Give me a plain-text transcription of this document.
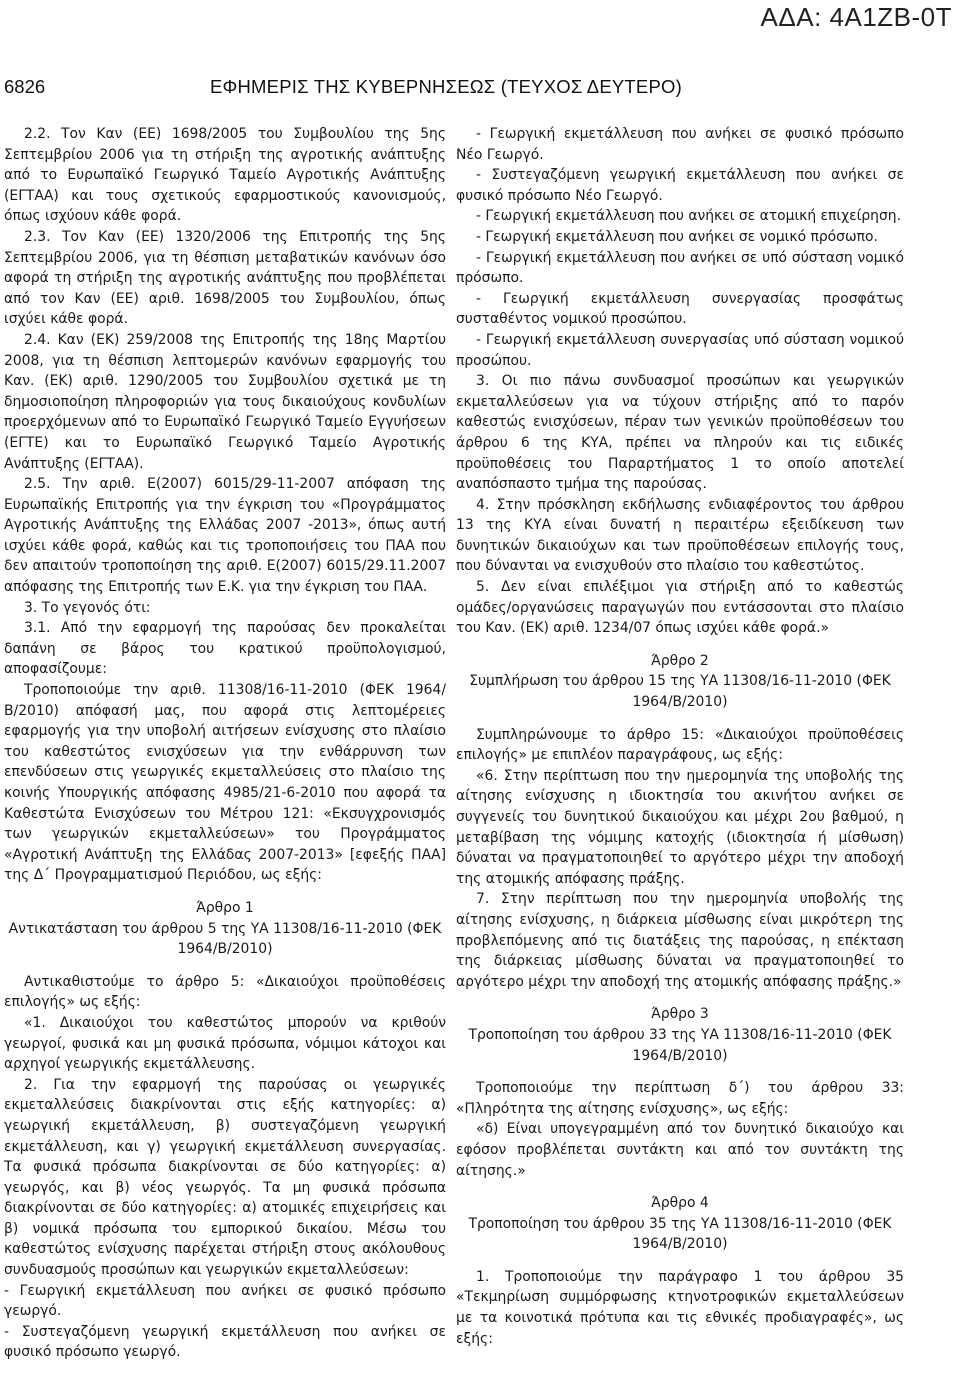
ΑΔΑ: 4Α1ΖΒ-0Τ
6826	ΕΦΗΜΕΡΙΣ ΤΗΣ ΚΥΒΕΡΝΗΣΕΩΣ (ΤΕΥΧΟΣ ΔΕΥΤΕΡΟ)

2.2. Τον Καν (ΕΕ) 1698/2005 του Συμβουλίου της 5ης Σεπτεμβρίου 2006 για τη στήριξη της αγροτικής ανάπτυξης από το Ευρωπαϊκό Γεωργικό Ταμείο Αγροτικής Ανάπτυξης (ΕΓΤΑΑ) και τους σχετικούς εφαρμοστικούς κανονισμούς, όπως ισχύουν κάθε φορά.

2.3. Τον Καν (ΕΕ) 1320/2006 της Επιτροπής της 5ης Σεπτεμβρίου 2006, για τη θέσπιση μεταβατικών κανόνων όσο αφορά τη στήριξη της αγροτικής ανάπτυξης που προβλέπεται από τον Καν (ΕΕ) αριθ. 1698/2005 του Συμβουλίου, όπως ισχύει κάθε φορά.

2.4. Καν (ΕΚ) 259/2008 της Επιτροπής της 18ης Μαρτίου 2008, για τη θέσπιση λεπτομερών κανόνων εφαρμογής του Καν. (ΕΚ) αριθ. 1290/2005 του Συμβουλίου σχετικά με τη δημοσιοποίηση πληροφοριών για τους δικαιούχους κονδυλίων προερχόμενων από το Ευρωπαϊκό Γεωργικό Ταμείο Εγγυήσεων (ΕΓΤΕ) και το Ευρωπαϊκό Γεωργικό Ταμείο Αγροτικής Ανάπτυξης (ΕΓΤΑΑ).

2.5. Την αριθ. Ε(2007) 6015/29-11-2007 απόφαση της Ευρωπαϊκής Επιτροπής για την έγκριση του «Προγράμματος Αγροτικής Ανάπτυξης της Ελλάδας 2007 -2013», όπως αυτή ισχύει κάθε φορά, καθώς και τις τροποποιήσεις του ΠΑΑ που δεν απαιτούν τροποποίηση της αριθ. Ε(2007) 6015/29.11.2007 απόφασης της Επιτροπής των Ε.Κ. για την έγκριση του ΠΑΑ.

3. Το γεγονός ότι:

3.1. Από την εφαρμογή της παρούσας δεν προκαλείται δαπάνη σε βάρος του κρατικού προϋπολογισμού, αποφασίζουμε:

Τροποποιούμε την αριθ. 11308/16-11-2010 (ΦΕΚ 1964/Β/2010) απόφασή μας, που αφορά στις λεπτομέρειες εφαρμογής για την υποβολή αιτήσεων ενίσχυσης στο πλαίσιο του καθεστώτος ενισχύσεων για την ενθάρρυνση των επενδύσεων στις γεωργικές εκμεταλλεύσεις στο πλαίσιο της κοινής Υπουργικής απόφασης 4985/21-6-2010 που αφορά τα Καθεστώτα Ενισχύσεων του Μέτρου 121: «Εκσυγχρονισμός των γεωργικών εκμεταλλεύσεων» του Προγράμματος «Αγροτική Ανάπτυξη της Ελλάδας 2007-2013» [εφεξής ΠΑΑ] της Δ΄ Προγραμματισμού Περιόδου, ως εξής:

Άρθρο 1

Αντικατάσταση του άρθρου 5 της ΥΑ 11308/16-11-2010 (ΦΕΚ 1964/Β/2010)

Αντικαθιστούμε το άρθρο 5: «Δικαιούχοι προϋποθέσεις επιλογής» ως εξής:

«1. Δικαιούχοι του καθεστώτος μπορούν να κριθούν γεωργοί, φυσικά και μη φυσικά πρόσωπα, νόμιμοι κάτοχοι και αρχηγοί γεωργικής εκμετάλλευσης.

2. Για την εφαρμογή της παρούσας οι γεωργικές εκμεταλλεύσεις διακρίνονται στις εξής κατηγορίες: α) γεωργική εκμετάλλευση, β) συστεγαζόμενη γεωργική εκμετάλλευση, και γ) γεωργική εκμετάλλευση συνεργασίας. Τα φυσικά πρόσωπα διακρίνονται σε δύο κατηγορίες: α) γεωργός, και β) νέος γεωργός. Τα μη φυσικά πρόσωπα διακρίνονται σε δύο κατηγορίες: α) ατομικές επιχειρήσεις και β) νομικά πρόσωπα του εμπορικού δικαίου. Μέσω του καθεστώτος ενίσχυσης παρέχεται στήριξη στους ακόλουθους συνδυασμούς προσώπων και γεωργικών εκμεταλλεύσεων:

- Γεωργική εκμετάλλευση που ανήκει σε φυσικό πρόσωπο γεωργό.

- Συστεγαζόμενη γεωργική εκμετάλλευση που ανήκει σε φυσικό πρόσωπο γεωργό.

- Γεωργική εκμετάλλευση που ανήκει σε φυσικό πρόσωπο Νέο Γεωργό.

- Συστεγαζόμενη γεωργική εκμετάλλευση που ανήκει σε φυσικό πρόσωπο Νέο Γεωργό.

- Γεωργική εκμετάλλευση που ανήκει σε ατομική επιχείρηση.

- Γεωργική εκμετάλλευση που ανήκει σε νομικό πρόσωπο.

- Γεωργική εκμετάλλευση που ανήκει σε υπό σύσταση νομικό πρόσωπο.

- Γεωργική εκμετάλλευση συνεργασίας προσφάτως συσταθέντος νομικού προσώπου.

- Γεωργική εκμετάλλευση συνεργασίας υπό σύσταση νομικού προσώπου.

3. Οι πιο πάνω συνδυασμοί προσώπων και γεωργικών εκμεταλλεύσεων για να τύχουν στήριξης από το παρόν καθεστώς ενισχύσεων, πέραν των γενικών προϋποθέσεων του άρθρου 6 της ΚΥΑ, πρέπει να πληρούν και τις ειδικές προϋποθέσεις του Παραρτήματος 1 το οποίο αποτελεί αναπόσπαστο τμήμα της παρούσας.

4. Στην πρόσκληση εκδήλωσης ενδιαφέροντος του άρθρου 13 της ΚΥΑ είναι δυνατή η περαιτέρω εξειδίκευση των δυνητικών δικαιούχων και των προϋποθέσεων επιλογής τους, που δύνανται να ενισχυθούν στο πλαίσιο του καθεστώτος.

5. Δεν είναι επιλέξιμοι για στήριξη από το καθεστώς ομάδες/οργανώσεις παραγωγών που εντάσσονται στο πλαίσιο του Καν. (ΕΚ) αριθ. 1234/07 όπως ισχύει κάθε φορά.»

Άρθρο 2

Συμπλήρωση του άρθρου 15 της ΥΑ 11308/16-11-2010 (ΦΕΚ 1964/Β/2010)

Συμπληρώνουμε το άρθρο 15: «Δικαιούχοι προϋποθέσεις επιλογής» με επιπλέον παραγράφους, ως εξής:

«6. Στην περίπτωση που την ημερομηνία της υποβολής της αίτησης ενίσχυσης η ιδιοκτησία του ακινήτου ανήκει σε συγγενείς του δυνητικού δικαιούχου και μέχρι 2ου βαθμού, η μεταβίβαση της νόμιμης κατοχής (ιδιοκτησία ή μίσθωση) δύναται να πραγματοποιηθεί το αργότερο μέχρι την αποδοχή της ατομικής απόφασης πράξης.

7. Στην περίπτωση που την ημερομηνία υποβολής της αίτησης ενίσχυσης, η διάρκεια μίσθωσης είναι μικρότερη της προβλεπόμενης από τις διατάξεις της παρούσας, η επέκταση της διάρκειας μίσθωσης δύναται να πραγματοποιηθεί το αργότερο μέχρι την αποδοχή της ατομικής απόφασης πράξης.»

Άρθρο 3

Τροποποίηση του άρθρου 33 της ΥΑ 11308/16-11-2010 (ΦΕΚ 1964/Β/2010)

Τροποποιούμε την περίπτωση δ΄) του άρθρου 33: «Πληρότητα της αίτησης ενίσχυσης», ως εξής:

«δ) Είναι υπογεγραμμένη από τον δυνητικό δικαιούχο και εφόσον προβλέπεται συντάκτη και από τον συντάκτη της αίτησης.»

Άρθρο 4

Τροποποίηση του άρθρου 35 της ΥΑ 11308/16-11-2010 (ΦΕΚ 1964/Β/2010)

1. Τροποποιούμε την παράγραφο 1 του άρθρου 35 «Τεκμηρίωση συμμόρφωσης κτηνοτροφικών εκμεταλλεύσεων με τα κοινοτικά πρότυπα και τις εθνικές προδιαγραφές», ως εξής:
